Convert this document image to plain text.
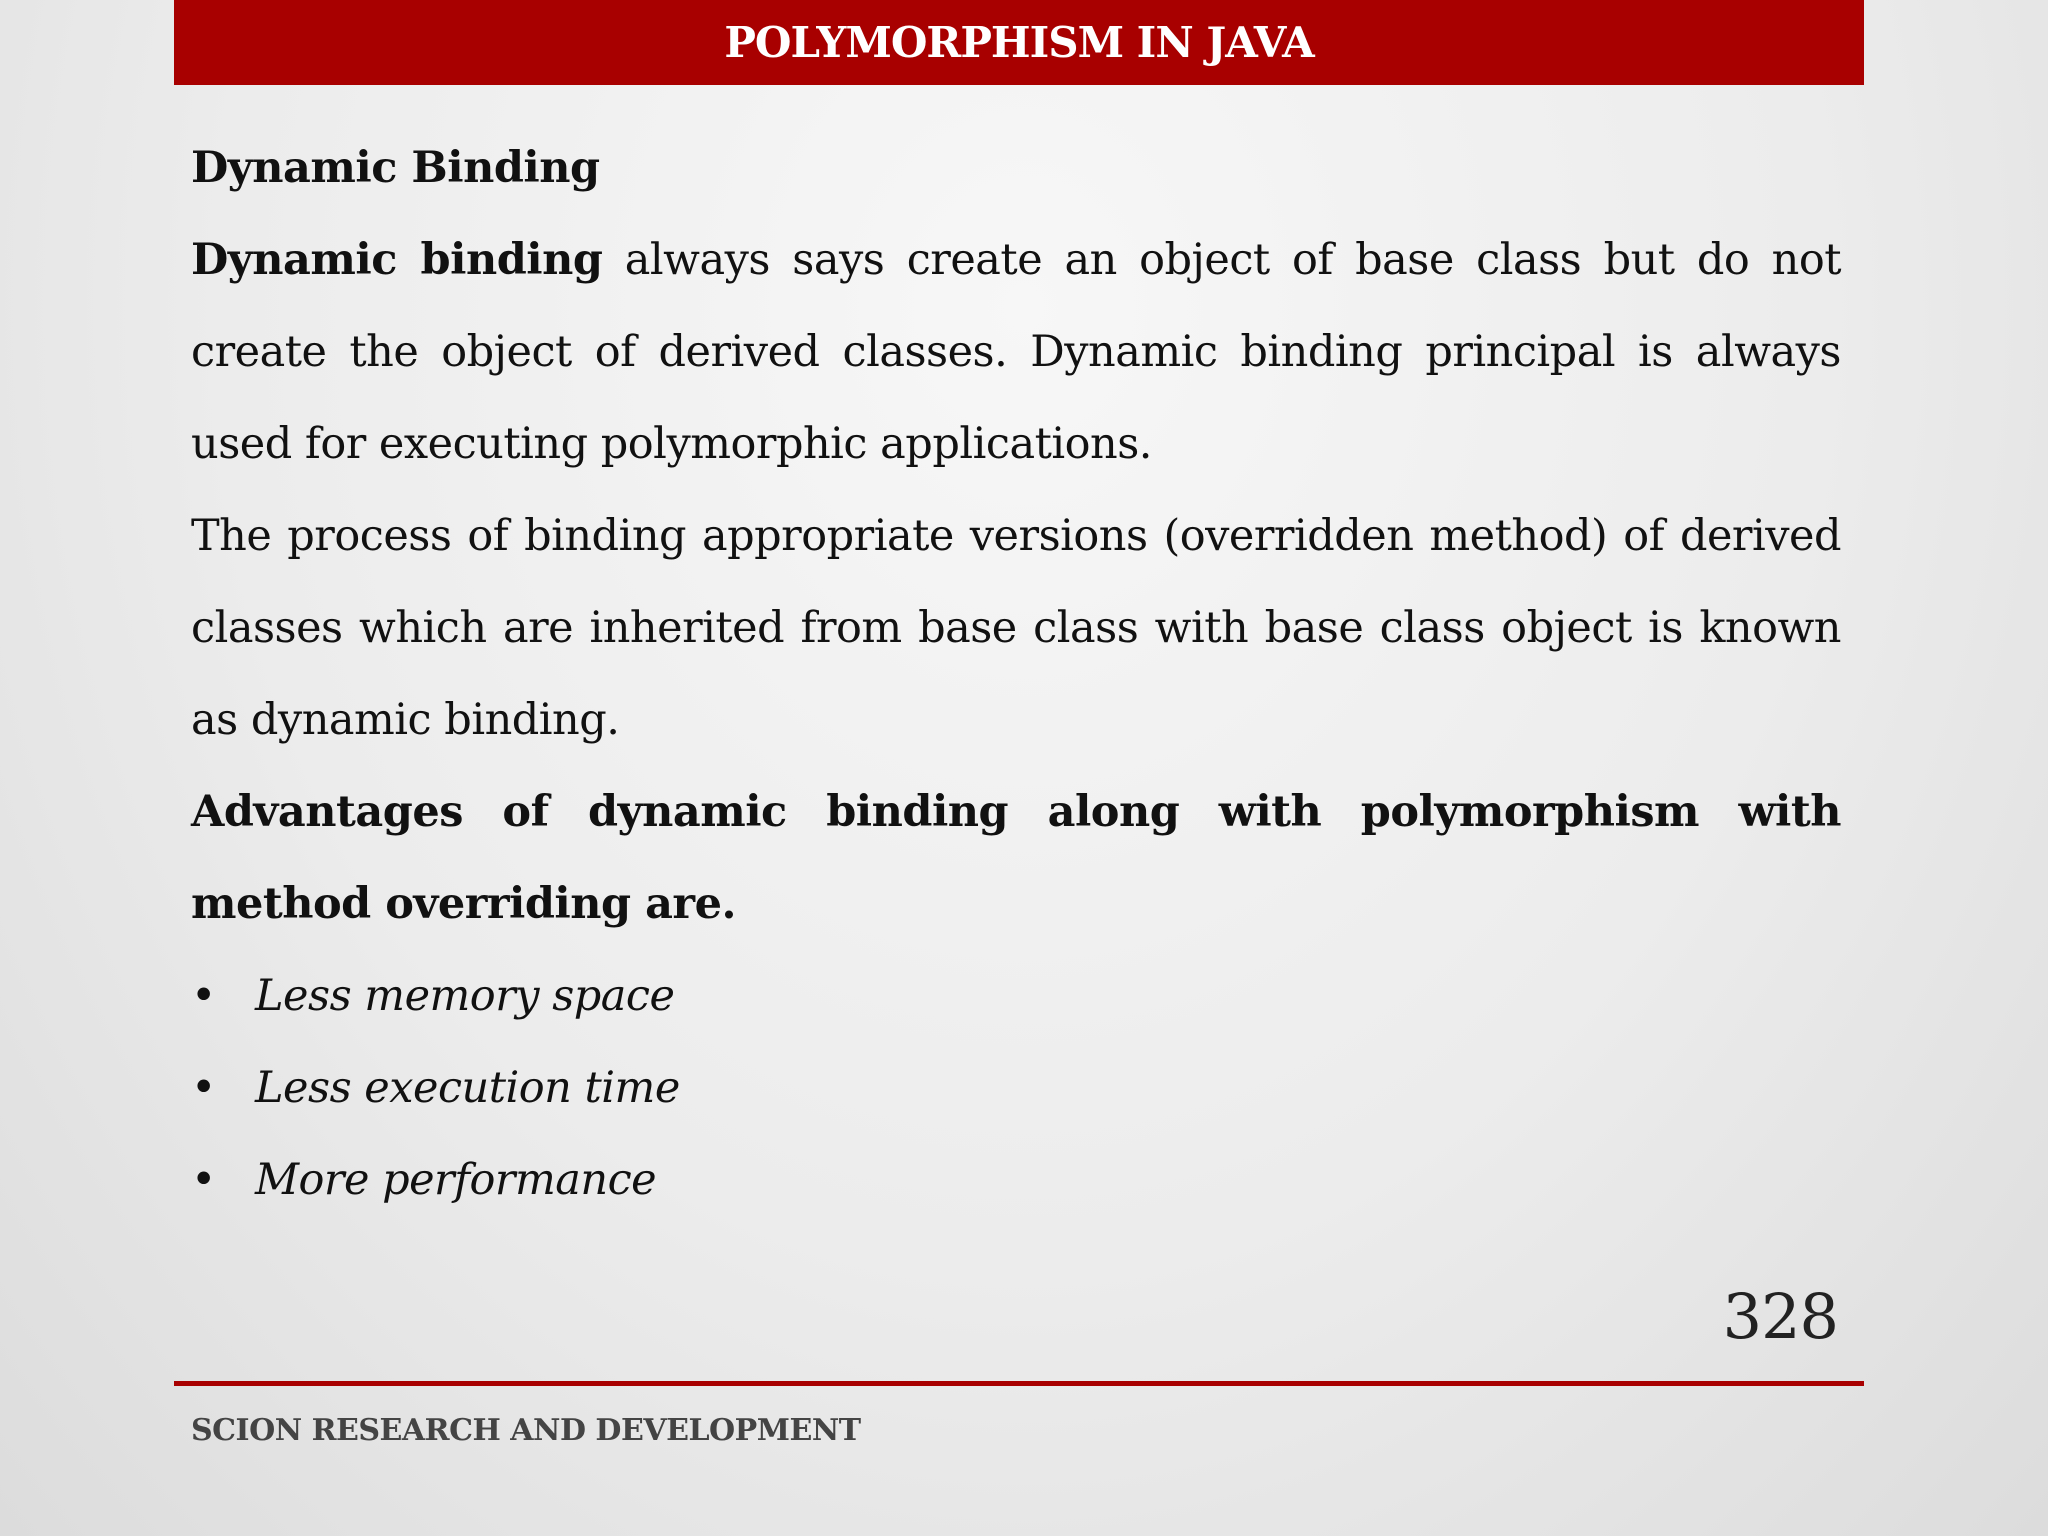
POLYMORPHISM IN JAVA
Dynamic Binding
Dynamic binding always says create an object of base class but do not create the object of derived classes. Dynamic binding principal is always used for executing polymorphic applications.
The process of binding appropriate versions (overridden method) of derived classes which are inherited from base class with base class object is known as dynamic binding.
Advantages of dynamic binding along with polymorphism with method overriding are.
• Less memory space
• Less execution time
• More performance
328
SCION RESEARCH AND DEVELOPMENT
